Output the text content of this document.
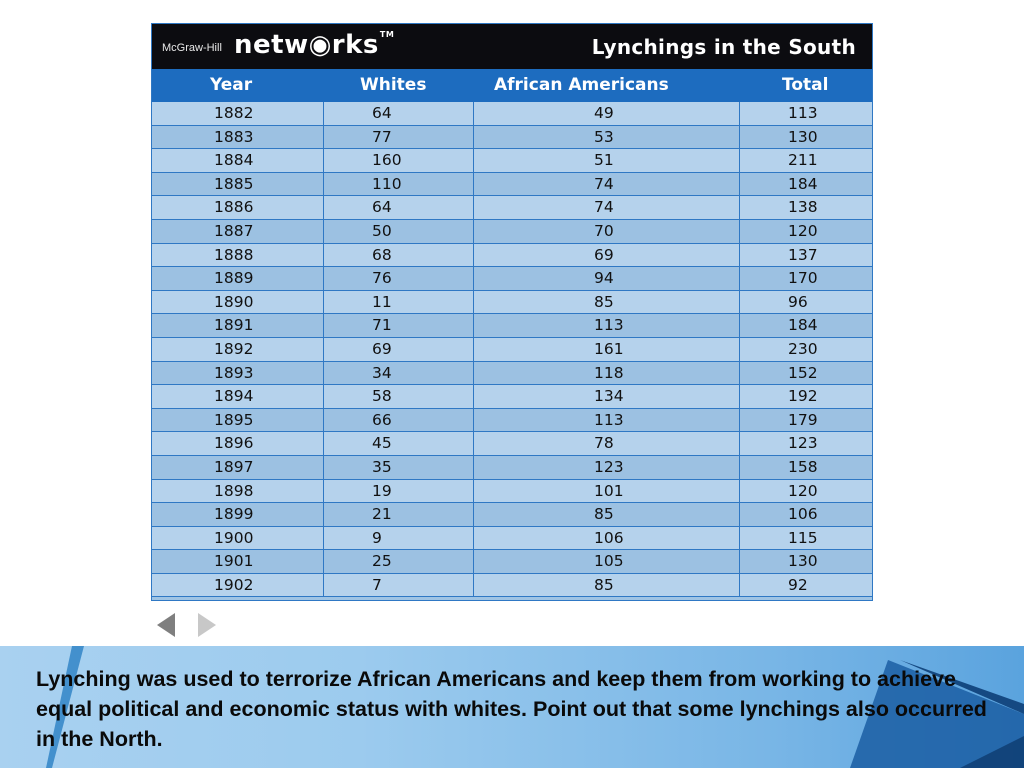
McGraw-Hill netw◉rks™
Lynchings in the South
Year	Whites	African Americans	Total
1882	64	49	113
1883	77	53	130
1884	160	51	211
1885	110	74	184
1886	64	74	138
1887	50	70	120
1888	68	69	137
1889	76	94	170
1890	11	85	96
1891	71	113	184
1892	69	161	230
1893	34	118	152
1894	58	134	192
1895	66	113	179
1896	45	78	123
1897	35	123	158
1898	19	101	120
1899	21	85	106
1900	9	106	115
1901	25	105	130
1902	7	85	92
Lynching was used to terrorize African Americans and keep them from working to achieve equal political and economic status with whites. Point out that some lynchings also occurred in the North.
